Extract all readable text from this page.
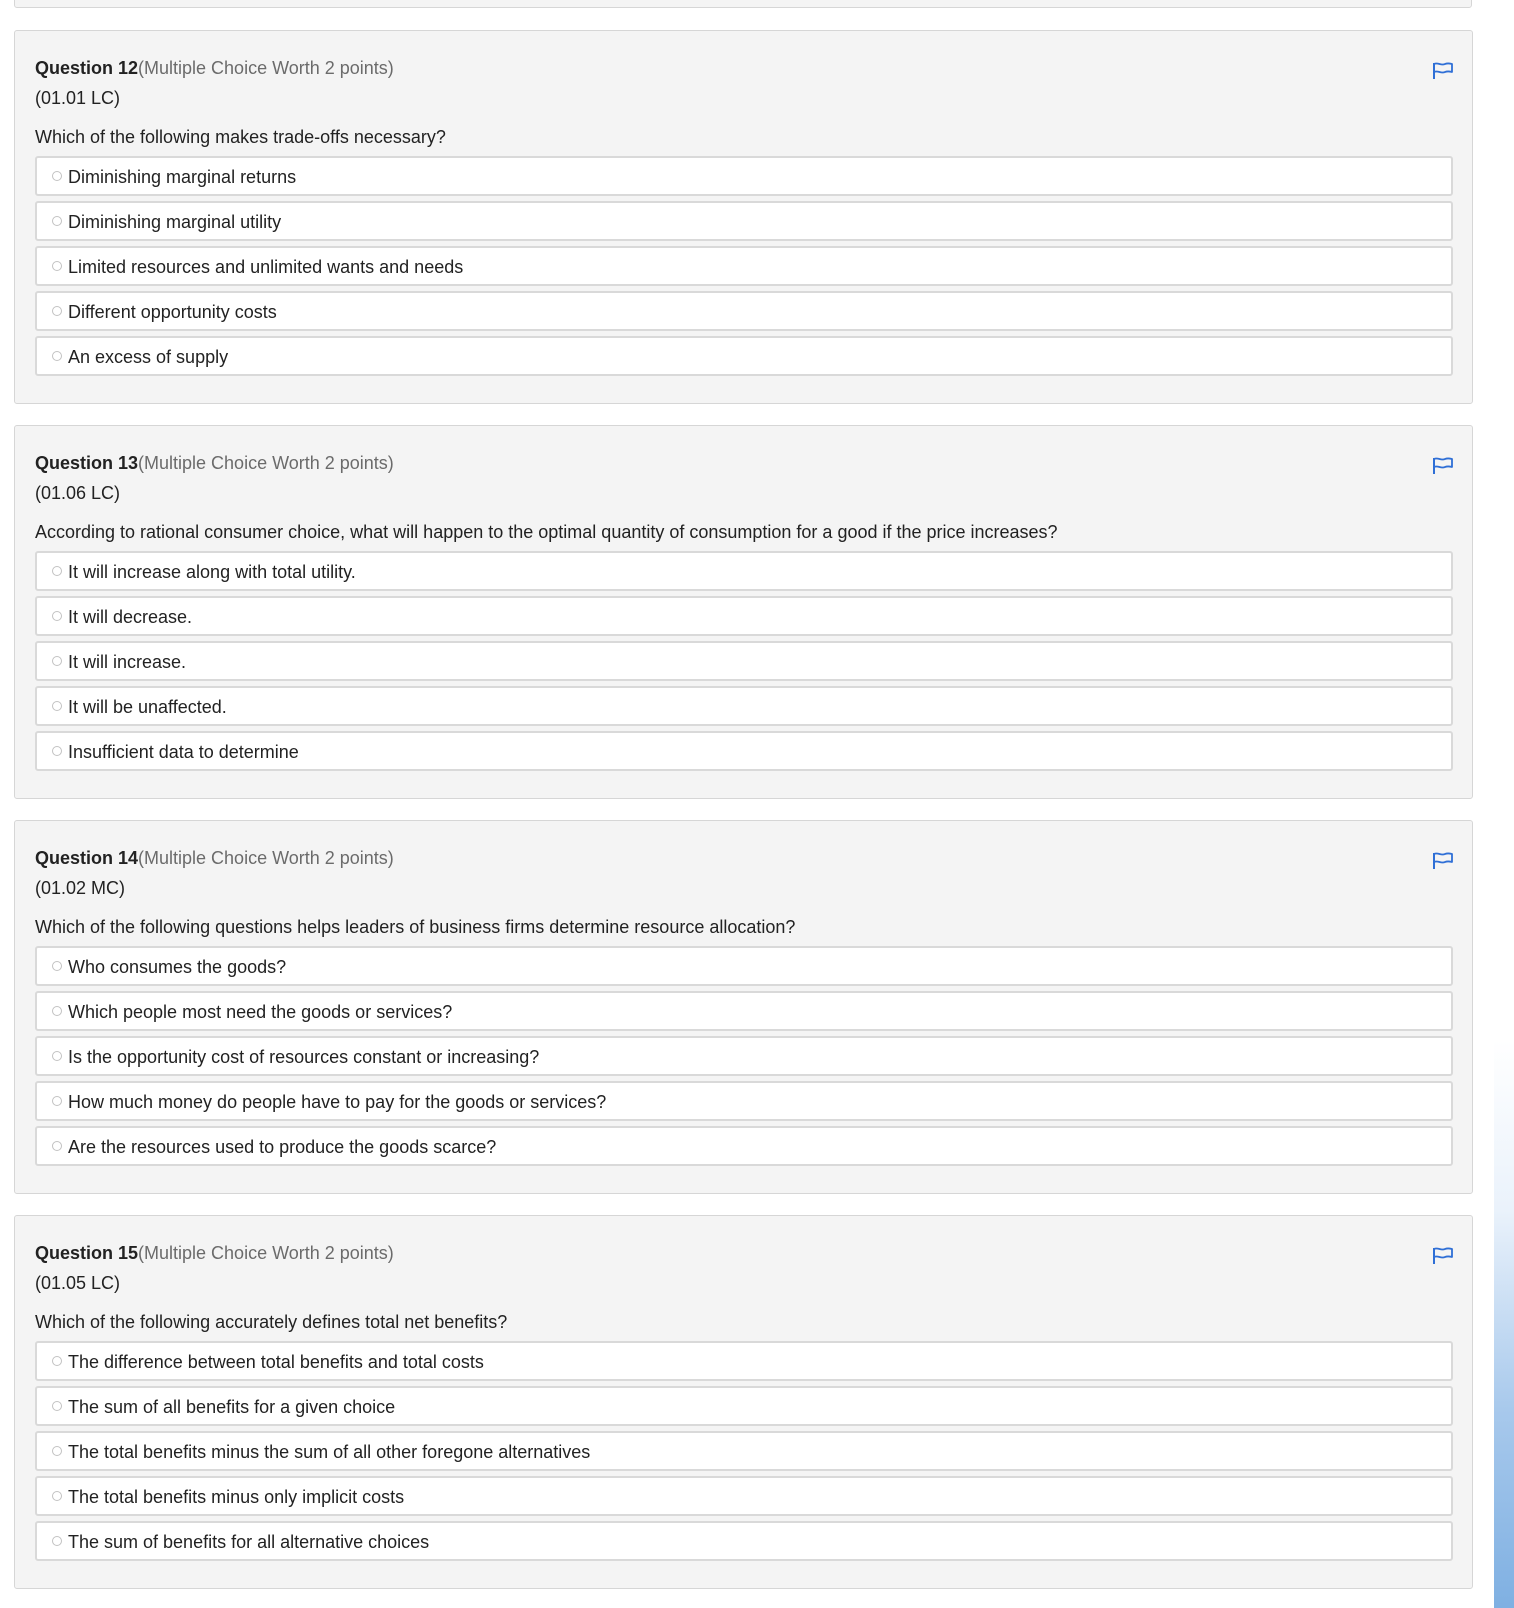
Question 12(Multiple Choice Worth 2 points)
(01.01 LC)
Which of the following makes trade-offs necessary?
Diminishing marginal returns
Diminishing marginal utility
Limited resources and unlimited wants and needs
Different opportunity costs
An excess of supply
Question 13(Multiple Choice Worth 2 points)
(01.06 LC)
According to rational consumer choice, what will happen to the optimal quantity of consumption for a good if the price increases?
It will increase along with total utility.
It will decrease.
It will increase.
It will be unaffected.
Insufficient data to determine
Question 14(Multiple Choice Worth 2 points)
(01.02 MC)
Which of the following questions helps leaders of business firms determine resource allocation?
Who consumes the goods?
Which people most need the goods or services?
Is the opportunity cost of resources constant or increasing?
How much money do people have to pay for the goods or services?
Are the resources used to produce the goods scarce?
Question 15(Multiple Choice Worth 2 points)
(01.05 LC)
Which of the following accurately defines total net benefits?
The difference between total benefits and total costs
The sum of all benefits for a given choice
The total benefits minus the sum of all other foregone alternatives
The total benefits minus only implicit costs
The sum of benefits for all alternative choices
